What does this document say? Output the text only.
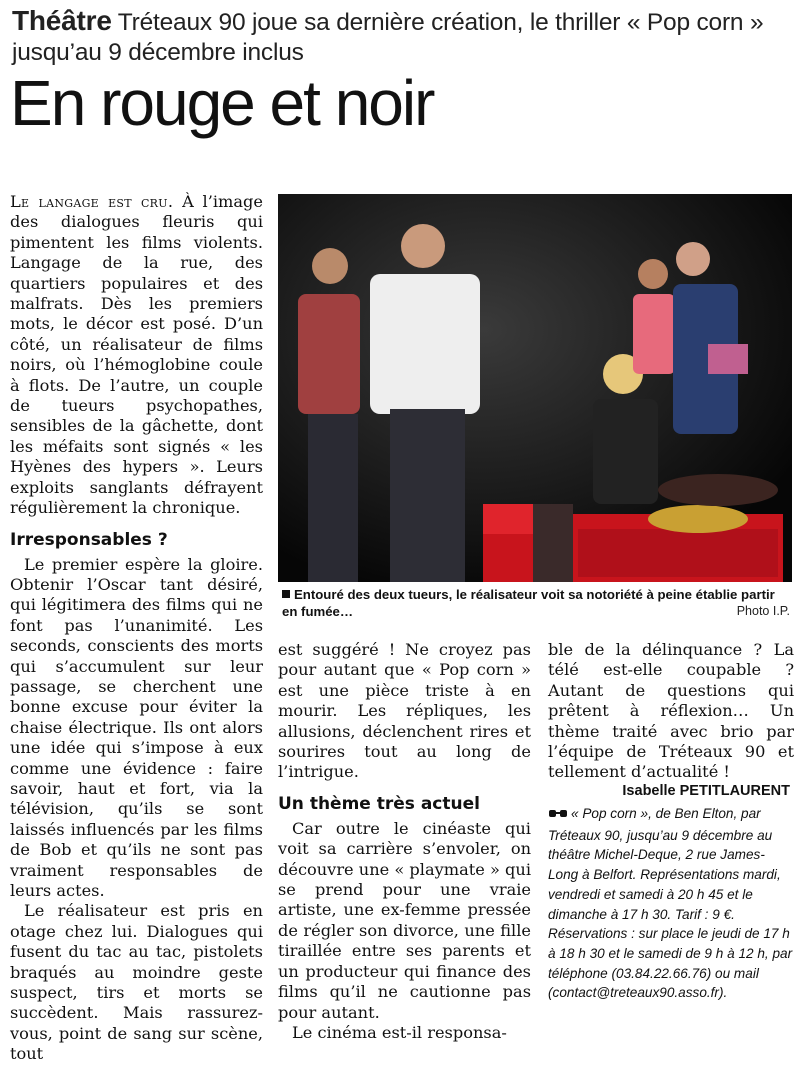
Théâtre Tréteaux 90 joue sa dernière création, le thriller « Pop corn » jusqu’au 9 décembre inclus
En rouge et noir

Le langage est cru. À l’image des dialogues fleuris qui pimentent les films violents. Langage de la rue, des quartiers populaires et des malfrats. Dès les premiers mots, le décor est posé. D’un côté, un réalisateur de films noirs, où l’hémoglobine coule à flots. De l’autre, un couple de tueurs psychopathes, sensibles de la gâchette, dont les méfaits sont signés « les Hyènes des hypers ». Leurs exploits sanglants défrayent régulièrement la chronique.

Irresponsables ?

Le premier espère la gloire. Obtenir l’Oscar tant désiré, qui légitimera des films qui ne font pas l’unanimité. Les seconds, conscients des morts qui s’accumulent sur leur passage, se cherchent une bonne excuse pour éviter la chaise électrique. Ils ont alors une idée qui s’impose à eux comme une évidence : faire savoir, haut et fort, via la télévision, qu’ils se sont laissés influencés par les films de Bob et qu’ils ne sont pas vraiment responsables de leurs actes.

Le réalisateur est pris en otage chez lui. Dialogues qui fusent du tac au tac, pistolets braqués au moindre geste suspect, tirs et morts se succèdent. Mais rassurez-vous, point de sang sur scène, tout

Entouré des deux tueurs, le réalisateur voit sa notoriété à peine établie partir en fumée…	Photo I.P.

est suggéré ! Ne croyez pas pour autant que « Pop corn » est une pièce triste à en mourir. Les répliques, les allusions, déclenchent rires et sourires tout au long de l’intrigue.

Un thème très actuel

Car outre le cinéaste qui voit sa carrière s’envoler, on découvre une « playmate » qui se prend pour une vraie artiste, une ex-femme pressée de régler son divorce, une fille tiraillée entre ses parents et un producteur qui finance des films qu’il ne cautionne pas pour autant.

Le cinéma est-il responsa-

ble de la délinquance ? La télé est-elle coupable ? Autant de questions qui prêtent à réflexion… Un thème traité avec brio par l’équipe de Tréteaux 90 et tellement d’actualité !

Isabelle PETITLAURENT
« Pop corn », de Ben Elton, par Tréteaux 90, jusqu’au 9 décembre au théâtre Michel-Deque, 2 rue James-Long à Belfort. Représentations mardi, vendredi et samedi à 20 h 45 et le dimanche à 17 h 30. Tarif : 9 €. Réservations : sur place le jeudi de 17 h à 18 h 30 et le samedi de 9 h à 12 h, par téléphone (03.84.22.66.76) ou mail (contact@treteaux90.asso.fr).
